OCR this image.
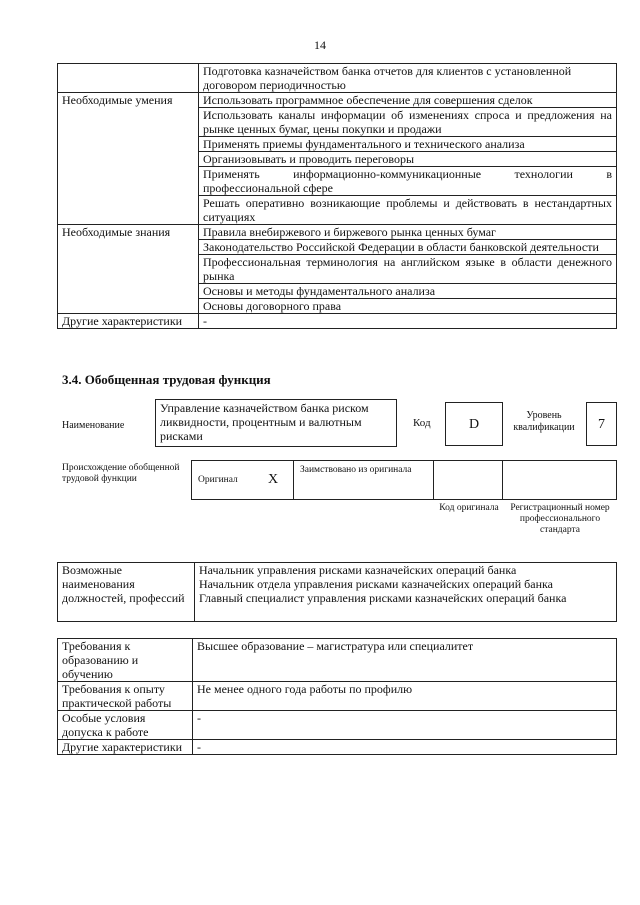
14
	Подготовка казначейством банка отчетов для клиентов с установленной договором периодичностью
Необходимые умения	Использовать программное обеспечение для совершения сделок
	Использовать каналы информации об изменениях спроса и предложения на рынке ценных бумаг, цены покупки и продажи
	Применять приемы фундаментального и технического анализа
	Организовывать и проводить переговоры
	Применять информационно-коммуникационные технологии в профессиональной сфере
	Решать оперативно возникающие проблемы и действовать в нестандартных ситуациях
Необходимые знания	Правила внебиржевого и биржевого рынка ценных бумаг
	Законодательство Российской Федерации в области банковской деятельности
	Профессиональная терминология на английском языке в области денежного рынка
	Основы и методы фундаментального анализа
	Основы договорного права
Другие характеристики	-
3.4. Обобщенная трудовая функция
Наименование
Управление казначейством банка риском ликвидности, процентным и валютным рисками
Код	D
Уровень квалификации	7
Происхождение обобщенной трудовой функции	Оригинал X
Заимствовано из оригинала
Код оригинала	Регистрационный номер профессионального стандарта
Возможные наименования должностей, профессий	
Начальник управления рисками казначейских операций банка
Начальник отдела управления рисками казначейских операций банка
Главный специалист управления рисками казначейских операций банка
Требования к образованию и обучению	Высшее образование – магистратура или специалитет
Требования к опыту практической работы	Не менее одного года работы по профилю
Особые условия допуска к работе	-
Другие характеристики	-
